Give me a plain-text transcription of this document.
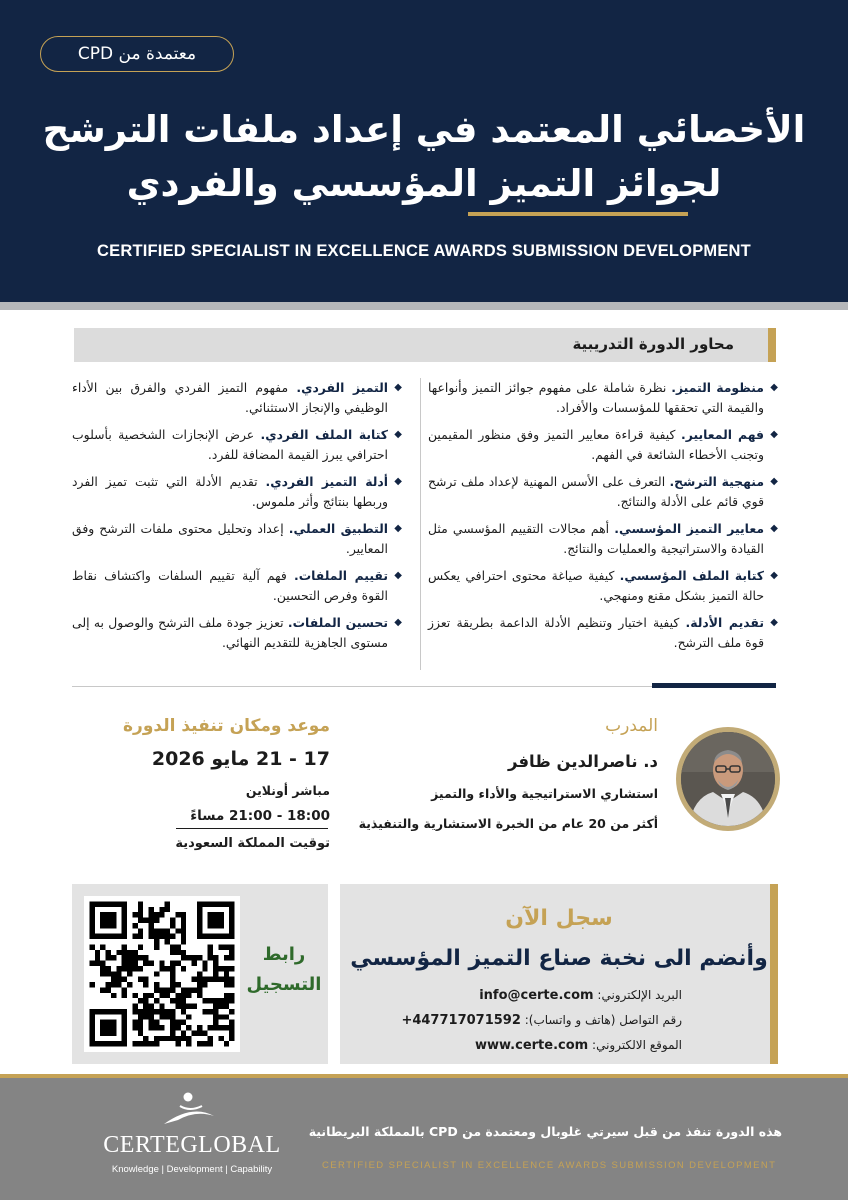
معتمدة من CPD
الأخصائي المعتمد في إعداد ملفات الترشح
لجوائز التميز المؤسسي والفردي
CERTIFIED SPECIALIST IN EXCELLENCE AWARDS SUBMISSION DEVELOPMENT
محاور الدورة التدريبية
◆
منظومة التميز. نظرة شاملة على مفهوم جوائز التميز وأنواعها والقيمة التي تحققها للمؤسسات والأفراد.
◆
فهم المعايير. كيفية قراءة معايير التميز وفق منظور المقيمين وتجنب الأخطاء الشائعة في الفهم.
◆
منهجية الترشح. التعرف على الأسس المهنية لإعداد ملف ترشح قوي قائم على الأدلة والنتائج.
◆
معايير التميز المؤسسي. أهم مجالات التقييم المؤسسي مثل القيادة والاستراتيجية والعمليات والنتائج.
◆
كتابة الملف المؤسسي. كيفية صياغة محتوى احترافي يعكس حالة التميز بشكل مقنع ومنهجي.
◆
تقديم الأدلة. كيفية اختيار وتنظيم الأدلة الداعمة بطريقة تعزز قوة ملف الترشح.
◆
التميز الفردي. مفهوم التميز الفردي والفرق بين الأداء الوظيفي والإنجاز الاستثنائي.
◆
كتابة الملف الفردي. عرض الإنجازات الشخصية بأسلوب احترافي يبرز القيمة المضافة للفرد.
◆
أدلة التميز الفردي. تقديم الأدلة التي تثبت تميز الفرد وربطها بنتائج وأثر ملموس.
◆
التطبيق العملي. إعداد وتحليل محتوى ملفات الترشح وفق المعايير.
◆
تقييم الملفات. فهم آلية تقييم السلفات واكتشاف نقاط القوة وفرص التحسين.
◆
تحسين الملفات. تعزيز جودة ملف الترشح والوصول به إلى مستوى الجاهزية للتقديم النهائي.
المدرب
د. ناصرالدين ظافر
استشاري الاستراتيجية والأداء والتميز
أكثر من 20 عام من الخبرة الاستشارية والتنفيذية
موعد ومكان تنفيذ الدورة
17 - 21 مايو 2026
مباشر أونلاين
18:00 - 21:00 مساءً
توقيت المملكة السعودية
رابط
التسجيل
سجل الآن
وأنضم الى نخبة صناع التميز المؤسسي
البريد الإلكتروني: info@certe.com
رقم التواصل (هاتف و واتساب): +447717071592
الموقع الالكتروني: www.certe.com
CERTEGLOBAL
Knowledge | Development | Capability
هذه الدورة تنفذ من قبل سيرتي غلوبال ومعتمدة من CPD بالمملكة البريطانية
CERTIFIED SPECIALIST IN EXCELLENCE AWARDS SUBMISSION DEVELOPMENT
